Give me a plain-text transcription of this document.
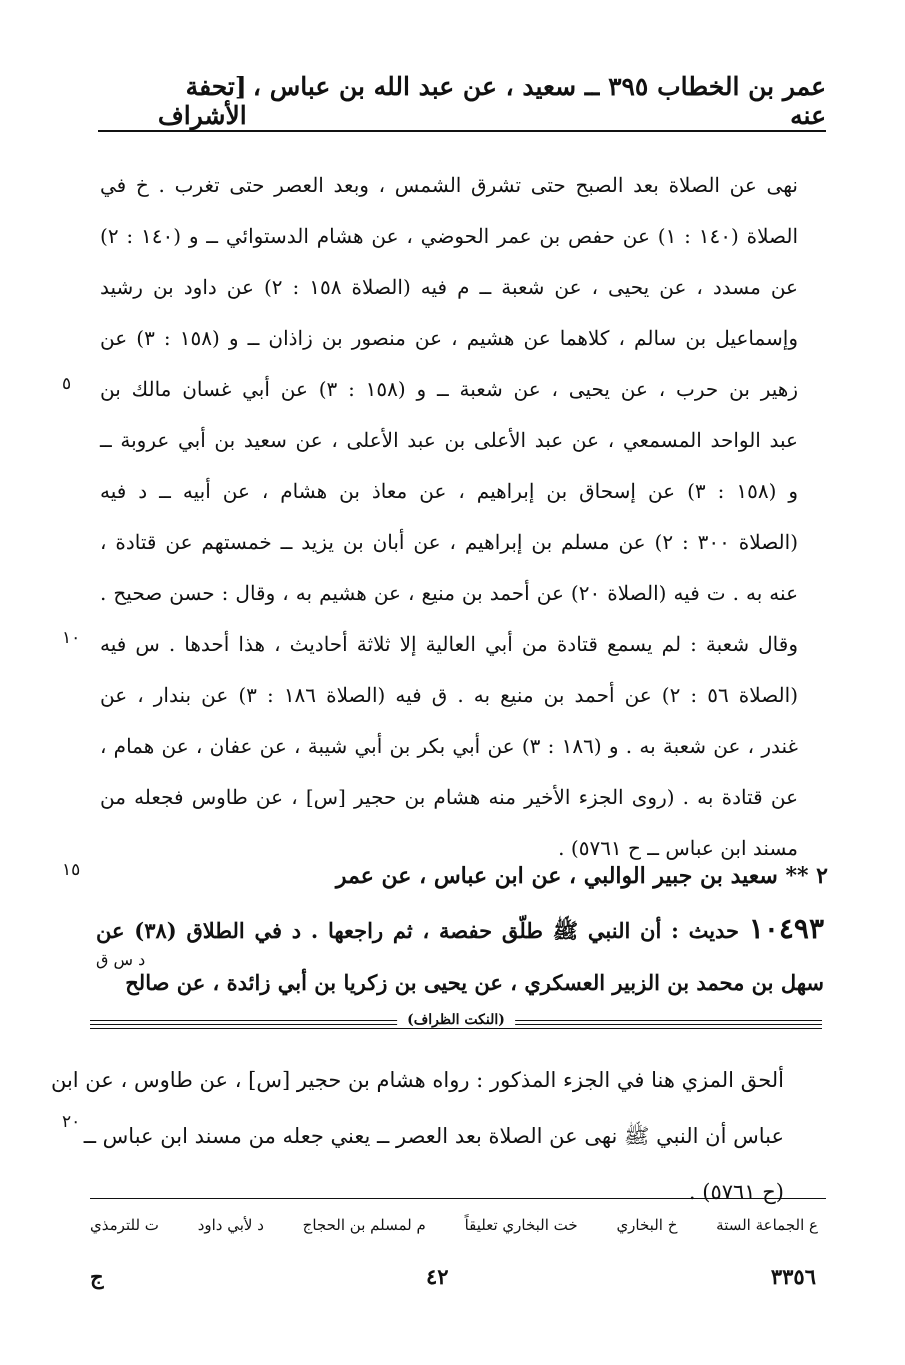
عمر بن الخطاب ٣٩٥ ــ سعيد ، عن عبد الله بن عباس ، عنه
[تحفة الأشراف
نهى عن الصلاة بعد الصبح حتى تشرق الشمس ، وبعد العصر حتى تغرب . خ في
الصلاة (١٤٠ : ١) عن حفص بن عمر الحوضي ، عن هشام الدستوائي ــ و (١٤٠ : ٢)
عن مسدد ، عن يحيى ، عن شعبة ــ م فيه (الصلاة ١٥٨ : ٢) عن داود بن رشيد
وإسماعيل بن سالم ، كلاهما عن هشيم ، عن منصور بن زاذان ــ و (١٥٨ : ٣) عن
زهير بن حرب ، عن يحيى ، عن شعبة ــ و (١٥٨ : ٣) عن أبي غسان مالك بن
عبد الواحد المسمعي ، عن عبد الأعلى بن عبد الأعلى ، عن سعيد بن أبي عروبة ــ
و (١٥٨ : ٣) عن إسحاق بن إبراهيم ، عن معاذ بن هشام ، عن أبيه ــ د فيه
(الصلاة ٣٠٠ : ٢) عن مسلم بن إبراهيم ، عن أبان بن يزيد ــ خمستهم عن قتادة ،
عنه به . ت فيه (الصلاة ٢٠) عن أحمد بن منيع ، عن هشيم به ، وقال : حسن صحيح .
وقال شعبة : لم يسمع قتادة من أبي العالية إلا ثلاثة أحاديث ، هذا أحدها . س فيه
(الصلاة ٥٦ : ٢) عن أحمد بن منيع به . ق فيه (الصلاة ١٨٦ : ٣) عن بندار ، عن
غندر ، عن شعبة به . و (١٨٦ : ٣) عن أبي بكر بن أبي شيبة ، عن عفان ، عن همام ،
عن قتادة به . (روى الجزء الأخير منه هشام بن حجير [س] ، عن طاوس فجعله من
مسند ابن عباس ــ ح ٥٧٦١) .
٥
١٠
١٥
٢٠
٢ ** سعيد بن جبير الوالبي ، عن ابن عباس ، عن عمر
١٠٤٩٣ حديث : أن النبي ﷺ طلّق حفصة ، ثم راجعها . د في الطلاق (٣٨) عن
سهل بن محمد بن الزبير العسكري ، عن يحيى بن زكريا بن أبي زائدة ، عن صالح
د س ق
(النكت الظراف)
ألحق المزي هنا في الجزء المذكور : رواه هشام بن حجير [س] ، عن طاوس ، عن ابن
عباس أن النبي ﷺ نهى عن الصلاة بعد العصر ــ يعني جعله من مسند ابن عباس ــ
(ح ٥٧٦١) .
ع الجماعة الستة
خ البخاري
خت البخاري تعليقاً
م لمسلم بن الحجاج
د لأبي داود
ت للترمذي
٣٣٥٦
٤٢
ج
